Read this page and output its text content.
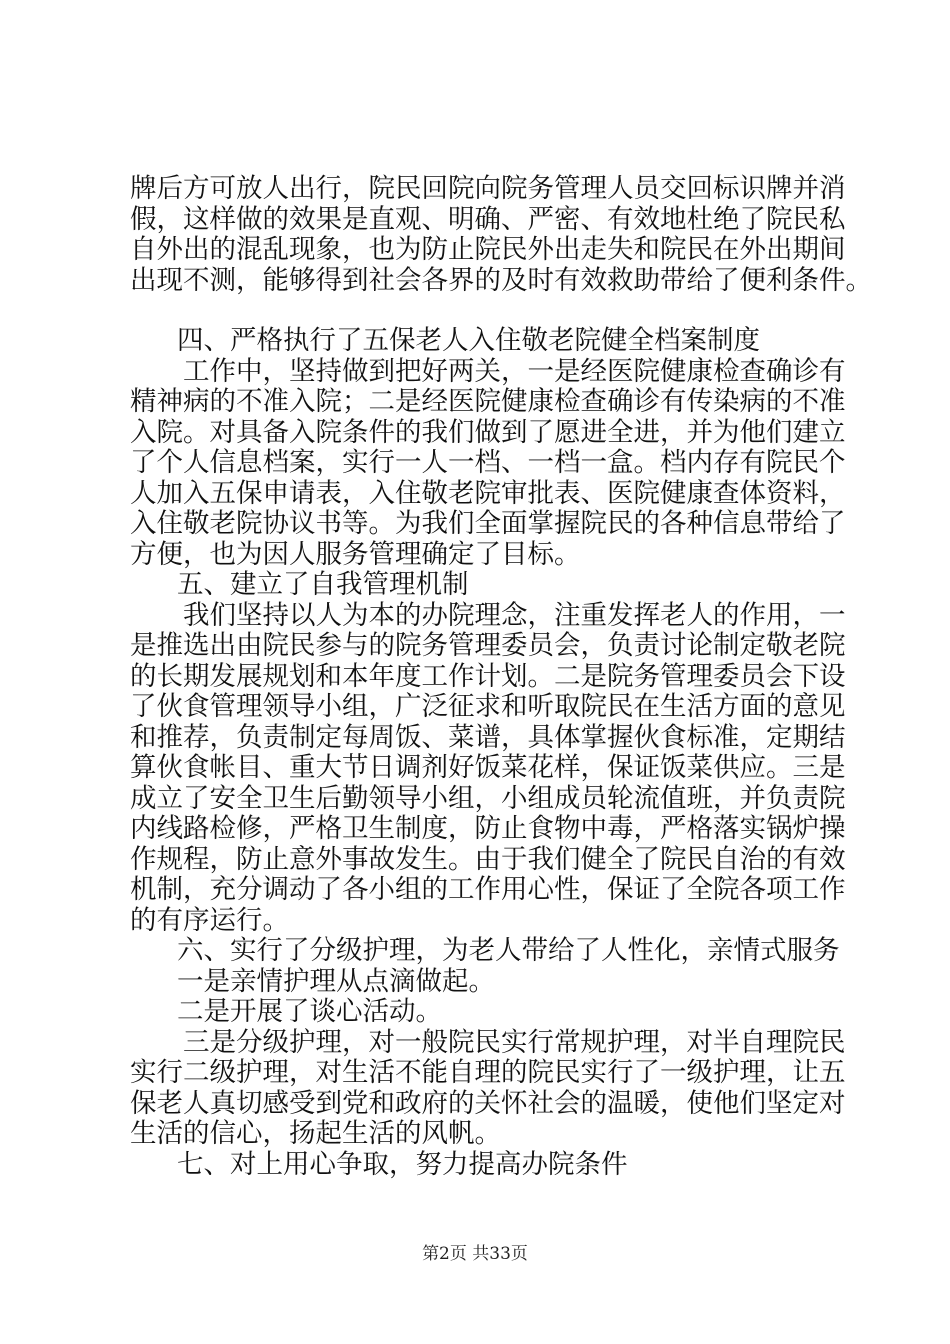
牌后方可放人出行，院民回院向院务管理人员交回标识牌并消
假，这样做的效果是直观、明确、严密、有效地杜绝了院民私
自外出的混乱现象，也为防止院民外出走失和院民在外出期间
出现不测，能够得到社会各界的及时有效救助带给了便利条件。
四、严格执行了五保老人入住敬老院健全档案制度
工作中，坚持做到把好两关，一是经医院健康检查确诊有
精神病的不准入院；二是经医院健康检查确诊有传染病的不准
入院。对具备入院条件的我们做到了愿进全进，并为他们建立
了个人信息档案，实行一人一档、一档一盒。档内存有院民个
人加入五保申请表，入住敬老院审批表、医院健康查体资料，
入住敬老院协议书等。为我们全面掌握院民的各种信息带给了
方便，也为因人服务管理确定了目标。
五、建立了自我管理机制
我们坚持以人为本的办院理念，注重发挥老人的作用，一
是推选出由院民参与的院务管理委员会，负责讨论制定敬老院
的长期发展规划和本年度工作计划。二是院务管理委员会下设
了伙食管理领导小组，广泛征求和听取院民在生活方面的意见
和推荐，负责制定每周饭、菜谱，具体掌握伙食标准，定期结
算伙食帐目、重大节日调剂好饭菜花样，保证饭菜供应。三是
成立了安全卫生后勤领导小组，小组成员轮流值班，并负责院
内线路检修，严格卫生制度，防止食物中毒，严格落实锅炉操
作规程，防止意外事故发生。由于我们健全了院民自治的有效
机制，充分调动了各小组的工作用心性，保证了全院各项工作
的有序运行。
六、实行了分级护理，为老人带给了人性化，亲情式服务
一是亲情护理从点滴做起。
二是开展了谈心活动。
三是分级护理，对一般院民实行常规护理，对半自理院民
实行二级护理，对生活不能自理的院民实行了一级护理，让五
保老人真切感受到党和政府的关怀社会的温暖，使他们坚定对
生活的信心，扬起生活的风帆。
七、对上用心争取，努力提高办院条件
第2页 共33页
